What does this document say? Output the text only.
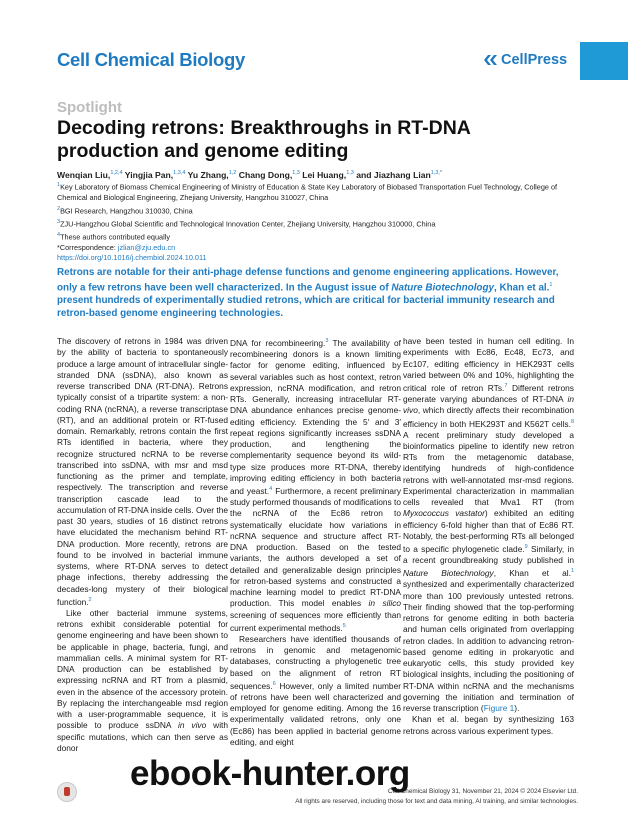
Cell Chemical Biology	CellPress
Spotlight
Decoding retrons: Breakthroughs in RT-DNA production and genome editing
Wenqian Liu,$^{1,2,4}$ Yingjia Pan,$^{1,3,4}$ Yu Zhang,$^{1,2}$ Chang Dong,$^{1,3}$ Lei Huang,$^{1,3}$ and Jiazhang Lian$^{1,3,*}$

$^1$Key Laboratory of Biomass Chemical Engineering of Ministry of Education & State Key Laboratory of Biobased Transportation Fuel Technology, College of Chemical and Biological Engineering, Zhejiang University, Hangzhou 310027, China

$^2$BGI Research, Hangzhou 310030, China

$^3$ZJU-Hangzhou Global Scientific and Technological Innovation Center, Zhejiang University, Hangzhou 310000, China

$^4$These authors contributed equally

*Correspondence: jzlian@zju.edu.cn

https://doi.org/10.1016/j.chembiol.2024.10.011

Retrons are notable for their anti-phage defense functions and genome engineering applications. However, only a few retrons have been well characterized. In the August issue of Nature Biotechnology, Khan et al.$^1$ present hundreds of experimentally studied retrons, which are critical for bacterial immunity research and retron-based genome engineering technologies.

The discovery of retrons in 1984 was driven by the ability of bacteria to spontaneously produce a large amount of intracellular single-stranded DNA (ssDNA), also known as reverse transcribed DNA (RT-DNA). Retrons typically consist of a tripartite system: a non-coding RNA (ncRNA), a reverse transcriptase (RT), and an additional protein or RT-fused domain. Remarkably, retrons contain the first RTs identified in bacteria, where they recognize structured ncRNA to be reverse transcribed into ssDNA, with msr and msd functioning as the primer and template, respectively. The transcription and reverse transcription cascade lead to the accumulation of RT-DNA inside cells. Over the past 30 years, studies of 16 distinct retrons have elucidated the mechanism behind RT-DNA production. More recently, retrons are found to be involved in bacterial immune systems, where RT-DNA serves to detect phage infections, thereby addressing the decades-long mystery of their biological function.$^2$

Like other bacterial immune systems, retrons exhibit considerable potential for genome engineering and have been shown to be applicable in phage, bacteria, fungi, and mammalian cells. A minimal system for RT-DNA production can be established by expressing ncRNA and RT from a plasmid, even in the absence of the accessory protein. By replacing the interchangeable msd region with a user-programmable sequence, it is possible to produce ssDNA in vivo with specific mutations, which can then serve as donor

DNA for recombineering.$^3$ The availability of recombineering donors is a known limiting factor for genome editing, influenced by several variables such as host context, retron expression, ncRNA modification, and retron RTs. Generally, increasing intracellular RT-DNA abundance enhances precise genome-editing efficiency. Extending the 5′ and 3′ repeat regions significantly increases ssDNA production, and lengthening the complementarity sequence beyond its wild-type size produces more RT-DNA, thereby improving editing efficiency in both bacteria and yeast.$^4$ Furthermore, a recent preliminary study performed thousands of modifications to the ncRNA of the Ec86 retron to systematically elucidate how variations in ncRNA sequence and structure affect RT-DNA production. Based on the tested variants, the authors developed a set of detailed and generalizable design principles for retron-based systems and constructed a machine learning model to predict RT-DNA production. This model enables in silico screening of sequences more efficiently than current experimental methods.$^5$

Researchers have identified thousands of retrons in genomic and metagenomic databases, constructing a phylogenetic tree based on the alignment of retron RT sequences.$^6$ However, only a limited number of retrons have been well characterized and employed for genome editing. Among the 16 experimentally validated retrons, only one (Ec86) has been applied in bacterial genome editing, and eight

have been tested in human cell editing. In experiments with Ec86, Ec48, Ec73, and Ec107, editing efficiency in HEK293T cells varied between 0% and 10%, highlighting the critical role of retron RTs.$^7$ Different retrons generate varying abundances of RT-DNA in vivo, which directly affects their recombination efficiency in both HEK293T and K562T cells.$^8$ A recent preliminary study developed a bioinformatics pipeline to identify new retron RTs from the metagenomic database, identifying hundreds of high-confidence retrons with well-annotated msr-msd regions. Experimental characterization in mammalian cells revealed that Mva1 RT (from Myxococcus vastator) exhibited an editing efficiency 6-fold higher than that of Ec86 RT. Notably, the best-performing RTs all belonged to a specific phylogenetic clade.$^9$ Similarly, in a recent groundbreaking study published in Nature Biotechnology, Khan et al.$^1$ synthesized and experimentally characterized more than 100 previously untested retrons. Their finding showed that the top-performing retrons for genome editing in both bacteria and human cells originated from overlapping retron clades. In addition to advancing retron-based genome editing in prokaryotic and eukaryotic cells, this study provided key biological insights, including the positioning of RT-DNA within ncRNA and the mechanisms governing the initiation and termination of reverse transcription (Figure 1).

Khan et al. began by synthesizing 163 retrons across various experiment types.

Cell Chemical Biology 31, November 21, 2024 © 2024 Elsevier Ltd.
All rights are reserved, including those for text and data mining, AI training, and similar technologies.
ebook-hunter.org
